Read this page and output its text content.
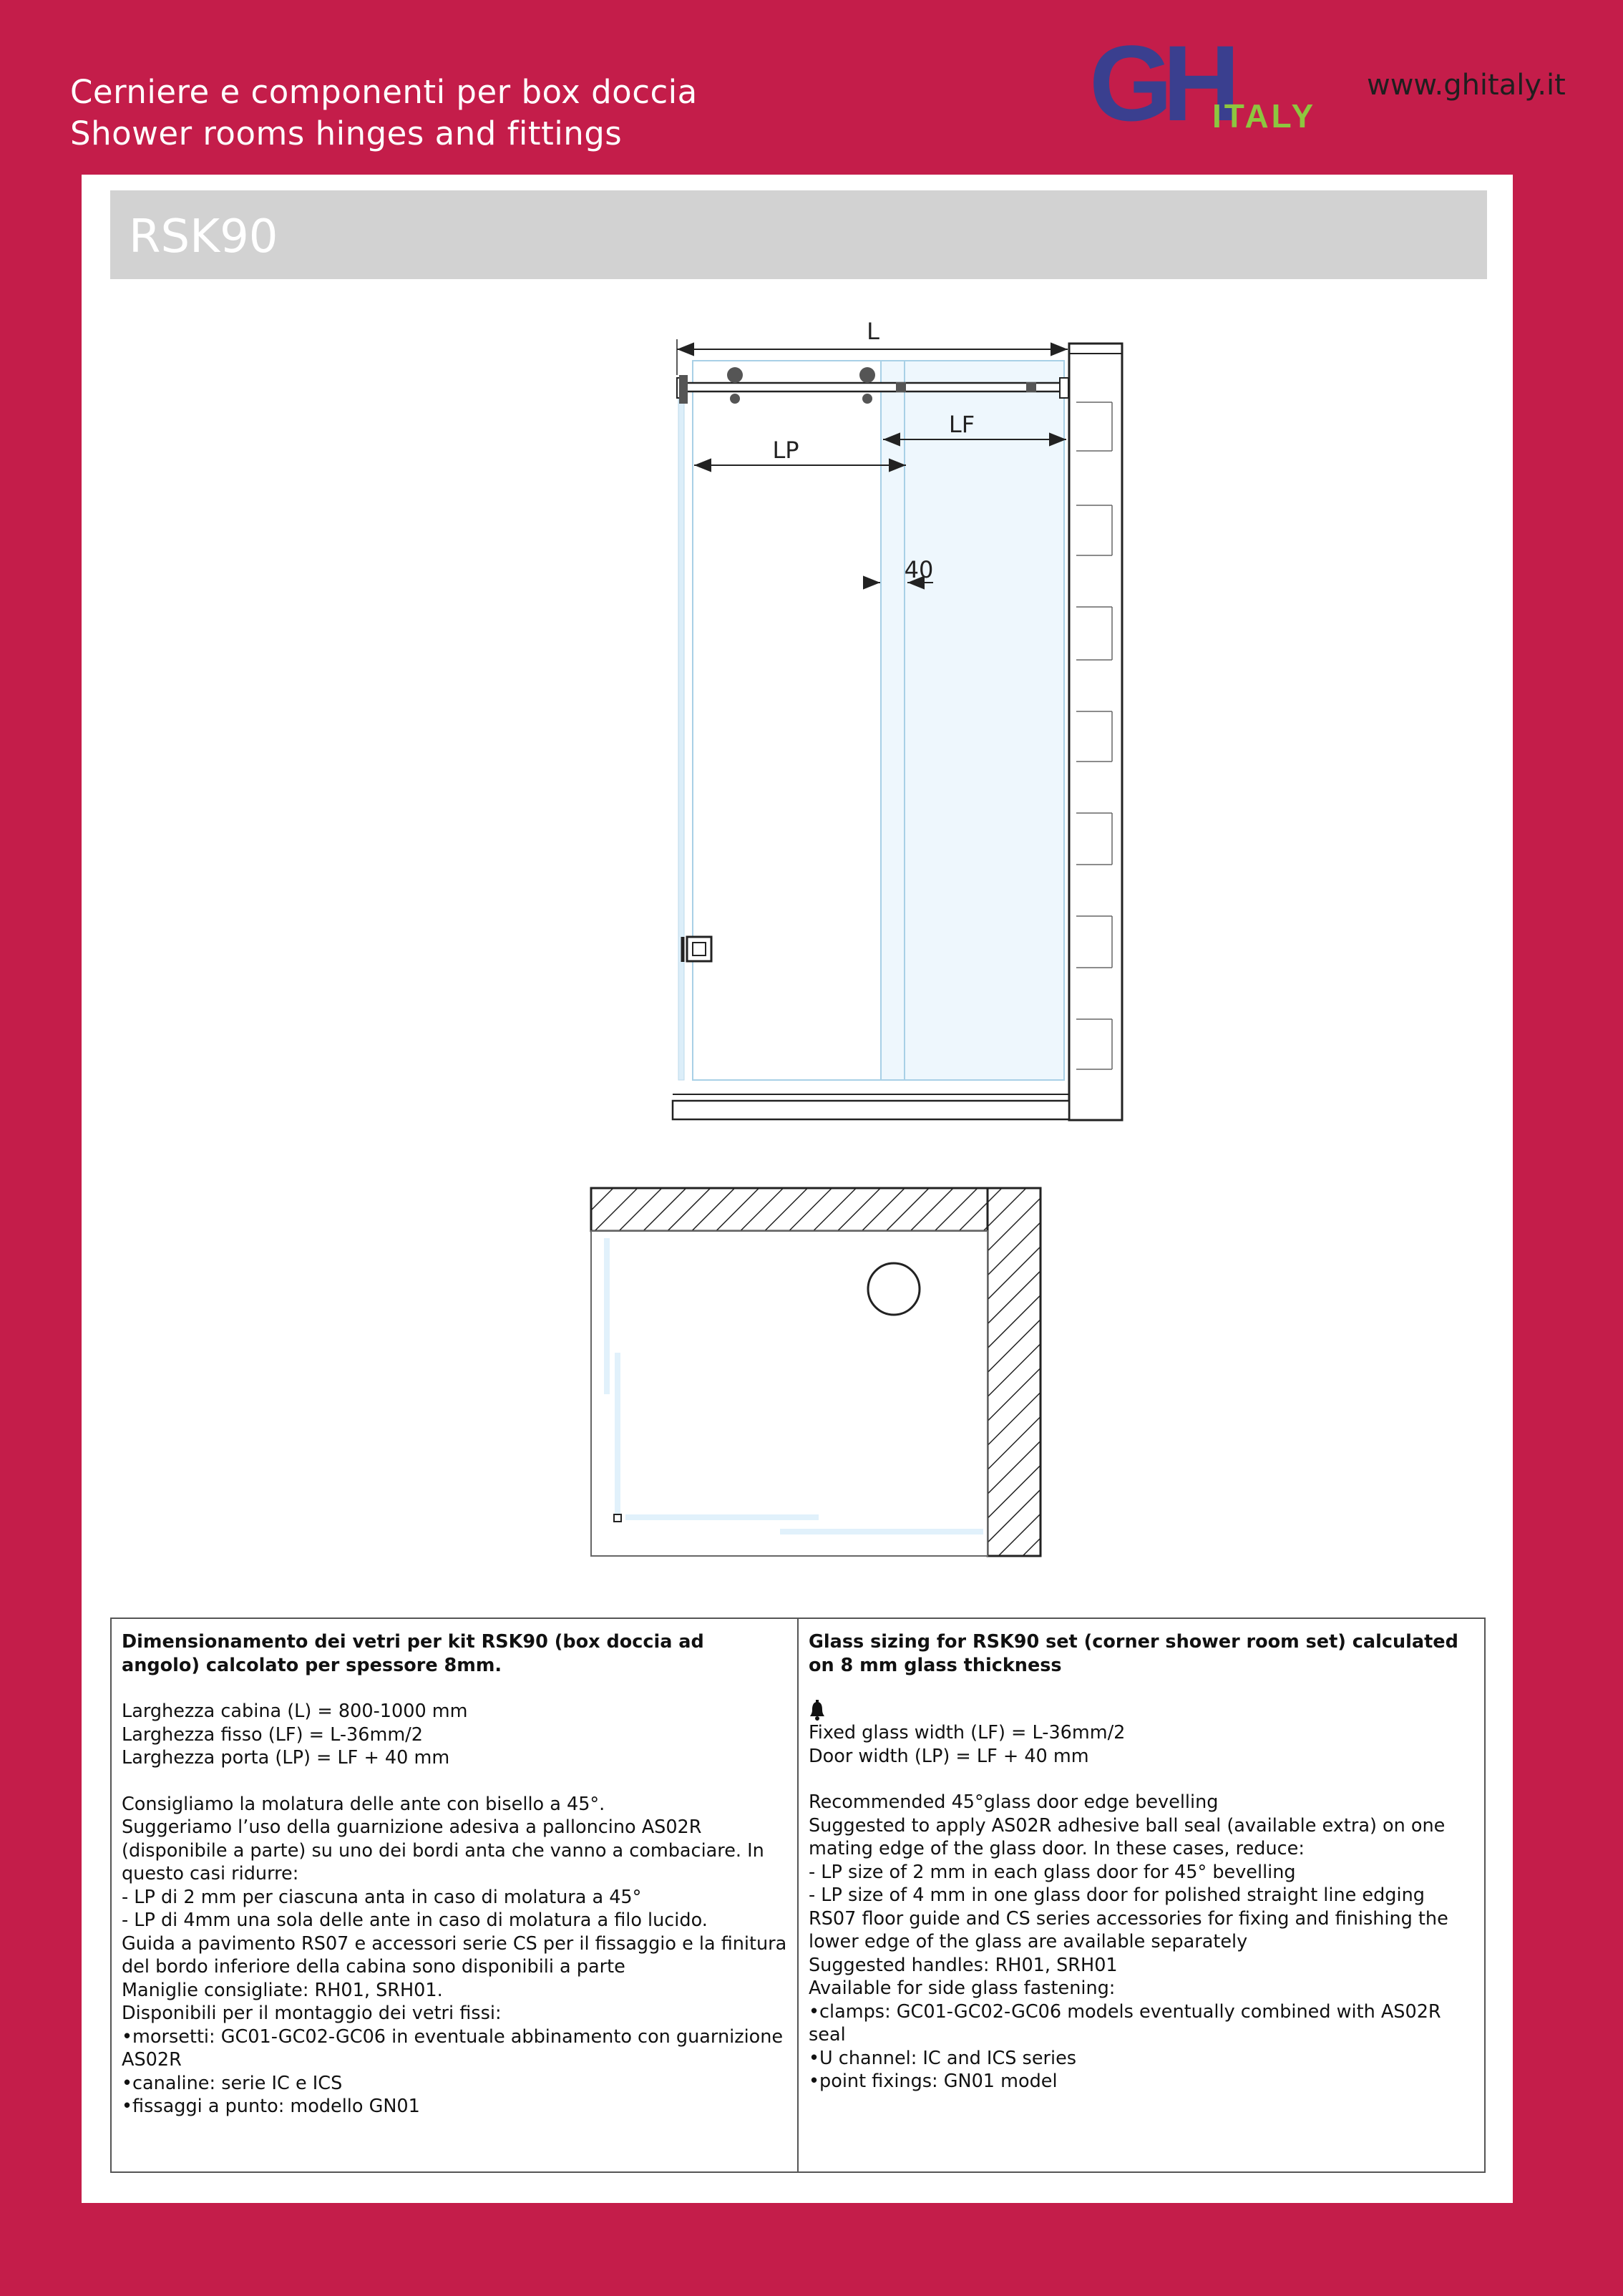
Cerniere e componenti per box doccia
Shower rooms hinges and fittings	GH
ITALY
www.ghitaly.it
RSK90
L
LF
LP
40

Dimensionamento dei vetri per kit RSK90 (box doccia ad angolo) calcolato per spessore 8mm.

Larghezza cabina (L) = 800-1000 mm

Larghezza fisso (LF) = L-36mm/2

Larghezza porta (LP) = LF + 40 mm

Consigliamo la molatura delle ante con bisello a 45°.

Suggeriamo l’uso della guarnizione adesiva a palloncino AS02R (disponibile a parte) su uno dei bordi anta che vanno a combaciare. In questo casi ridurre:

- LP di 2 mm per ciascuna anta in caso di molatura a 45°

- LP di 4mm una sola delle ante in caso di molatura a filo lucido.

Guida a pavimento RS07 e accessori serie CS per il fissaggio e la finitura del bordo inferiore della cabina sono disponibili a parte

Maniglie consigliate: RH01, SRH01.

Disponibili per il montaggio dei vetri fissi:

•morsetti: GC01-GC02-GC06 in eventuale abbinamento con guarnizione AS02R

•canaline: serie IC e ICS

•fissaggi a punto: modello GN01

Glass sizing for RSK90 set (corner shower room set) calculated on 8 mm glass thickness

Fixed glass width (LF) = L-36mm/2

Door width (LP) = LF + 40 mm

Recommended 45°glass door edge bevelling

Suggested to apply AS02R adhesive ball seal (available extra) on one mating edge of the glass door. In these cases, reduce:

- LP size of 2 mm in each glass door for 45° bevelling

- LP size of 4 mm in one glass door for polished straight line edging

RS07 floor guide and CS series accessories for fixing and finishing the lower edge of the glass are available separately

Suggested handles: RH01, SRH01

Available for side glass fastening:

•clamps: GC01-GC02-GC06 models eventually combined with AS02R seal

•U channel: IC and ICS series

•point fixings: GN01 model
